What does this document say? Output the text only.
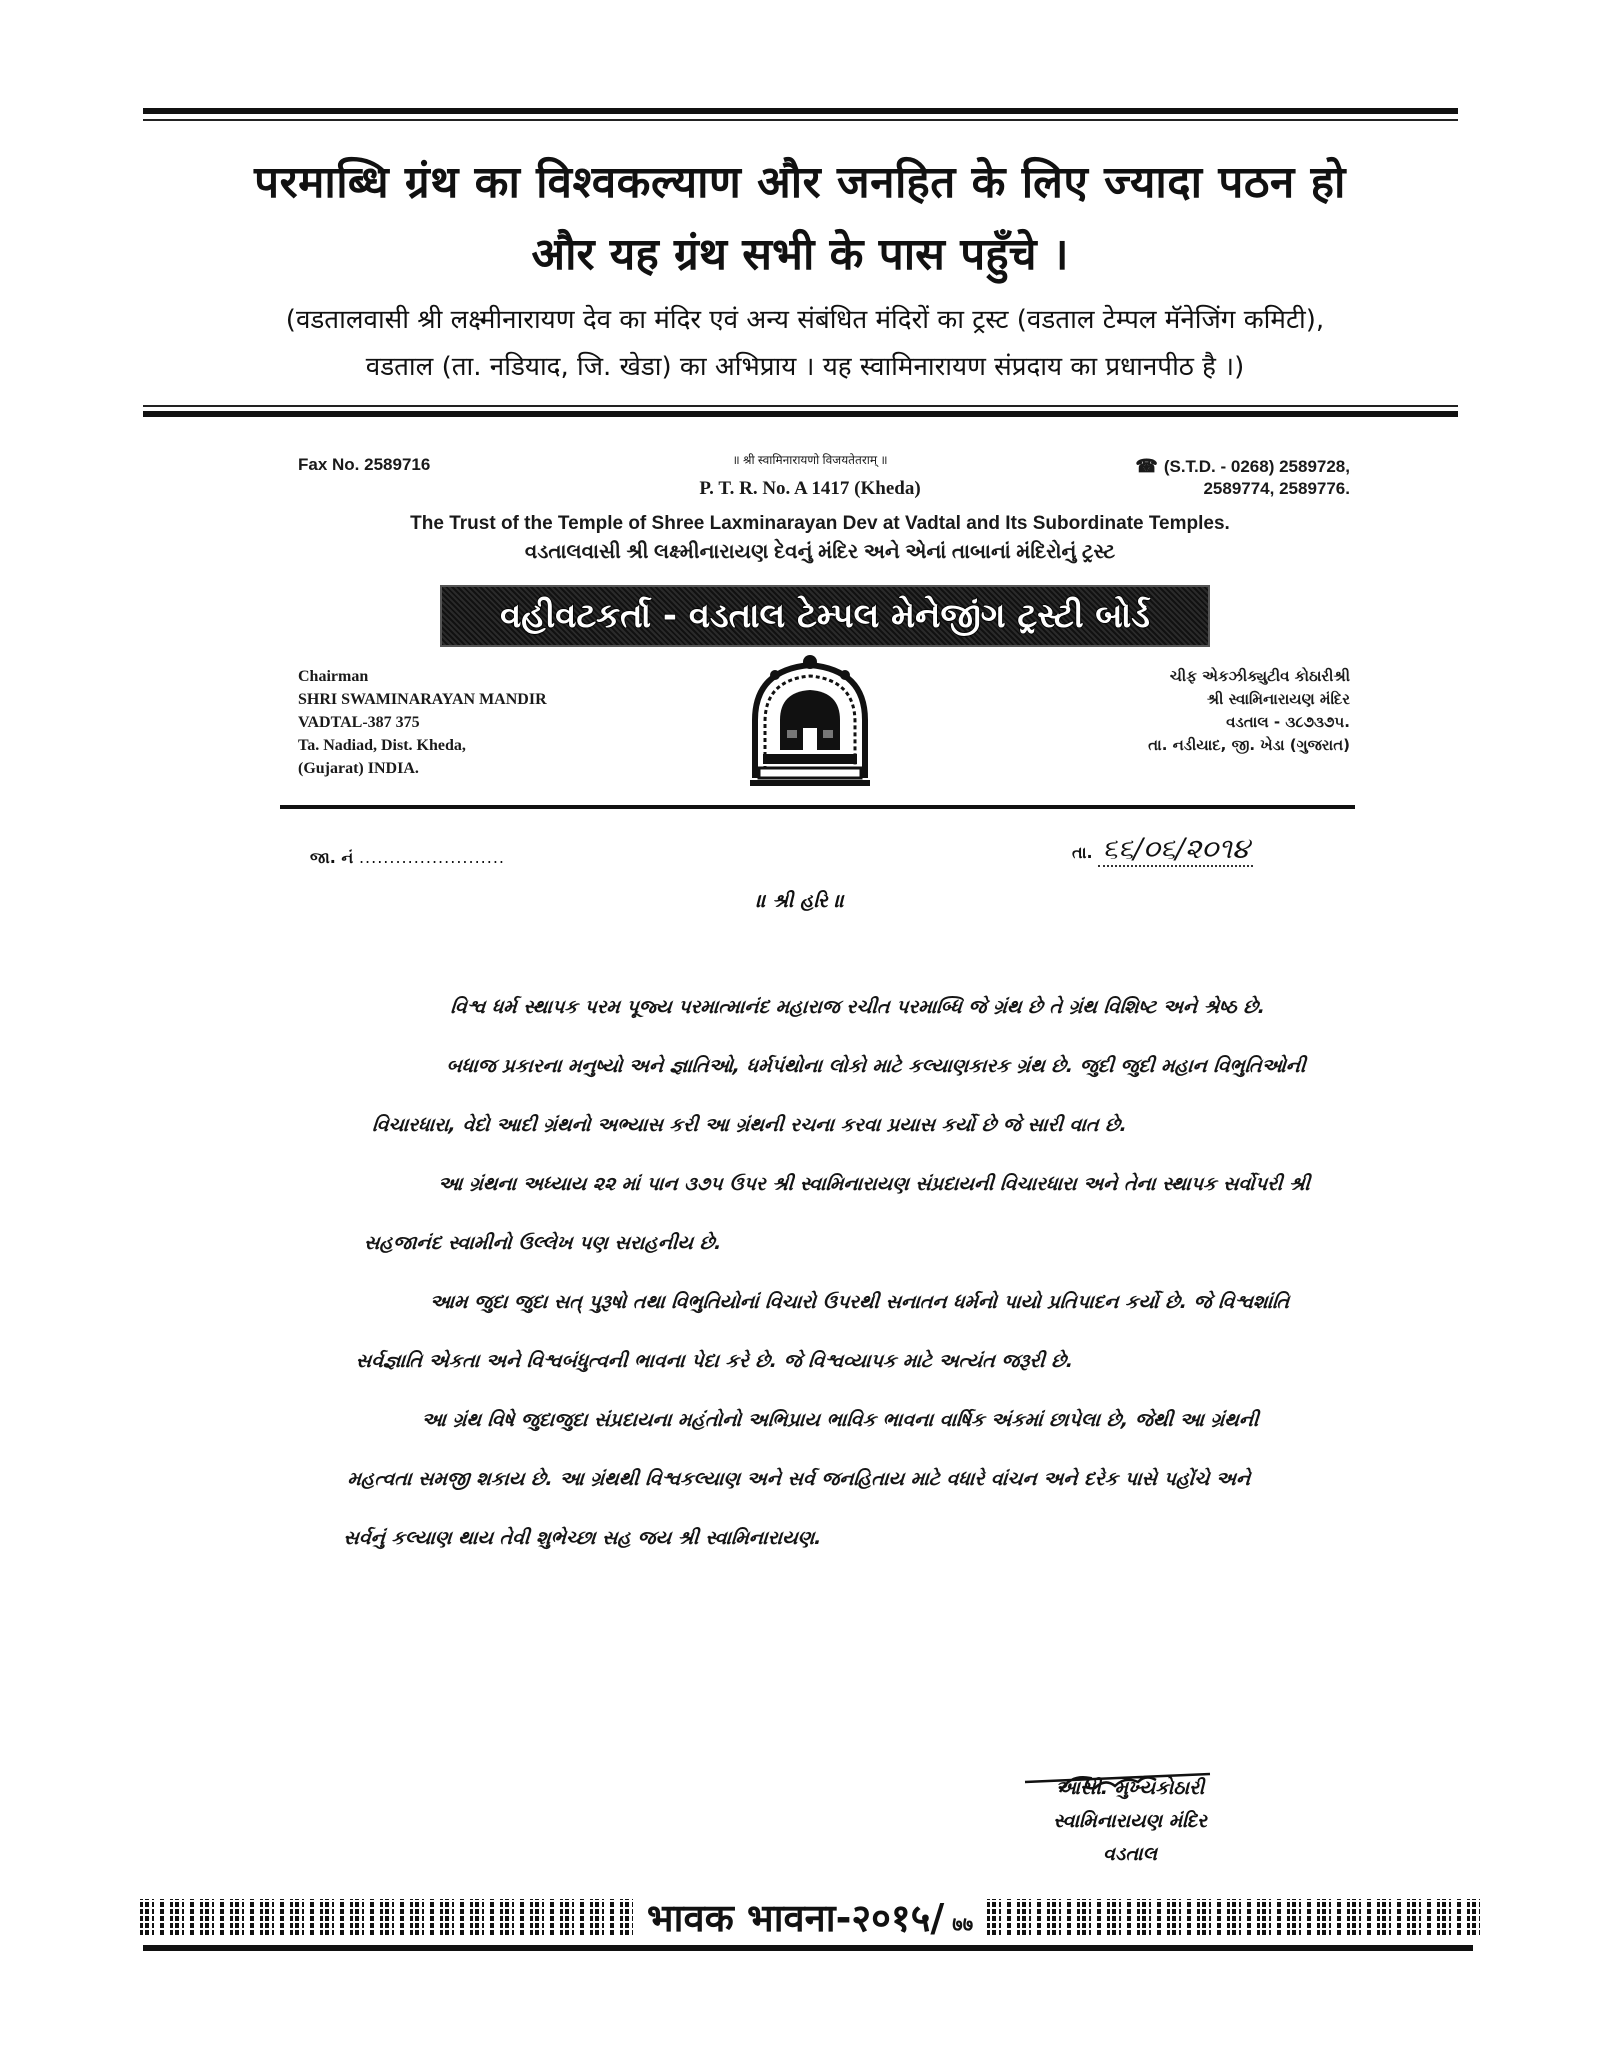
परमाब्धि ग्रंथ का विश्वकल्याण और जनहित के लिए ज्यादा पठन हो
और यह ग्रंथ सभी के पास पहुँचे ।
(वडतालवासी श्री लक्ष्मीनारायण देव का मंदिर एवं अन्य संबंधित मंदिरों का ट्रस्ट (वडताल टेम्पल मॅनेजिंग कमिटी),
वडताल (ता. नडियाद, जि. खेडा) का अभिप्राय । यह स्वामिनारायण संप्रदाय का प्रधानपीठ है ।)
Fax No. 2589716	॥ श्री स्वामिनारायणो विजयतेतराम् ॥
P. T. R. No. A 1417 (Kheda)
☎ (S.T.D. - 0268) 2589728,
2589774, 2589776.
The Trust of the Temple of Shree Laxminarayan Dev at Vadtal and Its Subordinate Temples.
વડતાલવાસી શ્રી લક્ષ્મીનારાયણ દેવનું મંદિર અને એનાં તાબાનાં મંદિરોનું ટ્રસ્ટ
વહીવટકર્તા - વડતાલ ટેમ્પલ મેનેજીંગ ટ્રસ્ટી બોર્ડ
Chairman
SHRI SWAMINARAYAN MANDIR
VADTAL-387 375
Ta. Nadiad, Dist. Kheda,
(Gujarat) INDIA.
ચીફ એકઝીક્યુટીવ કોઠારીશ્રી
શ્રી સ્વામિનારાયણ મંદિર
વડતાલ - ૩૮૭૩૭૫.
તા. નડીયાદ, જી. ખેડા (ગુજરાત)
જા. નં ........................	તા. ૬૬/૦૬/૨૦૧૪
॥ શ્રી હરિ ॥

વિશ્વ ધર્મ સ્થાપક પરમ પૂજ્ય પરમાત્માનંદ મહારાજ રચીત પરમાબ્ધિ જે ગ્રંથ છે તે ગ્રંથ વિશિષ્ટ અને શ્રેષ્ઠ છે.

બધાજ પ્રકારના મનુષ્યો અને જ્ઞાતિઓ, ધર્મપંથોના લોકો માટે કલ્યાણકારક ગ્રંથ છે. જુદી જુદી મહાન વિભુતિઓની વિચારધારા, વેદો આદી ગ્રંથનો અભ્યાસ કરી આ ગ્રંથની રચના કરવા પ્રયાસ કર્યો છે જે સારી વાત છે.

આ ગ્રંથના અધ્યાય ૨૨ માં પાન ૩૭૫ ઉપર શ્રી સ્વામિનારાયણ સંપ્રદાયની વિચારધારા અને તેના સ્થાપક સર્વોપરી શ્રી સહજાનંદ સ્વામીનો ઉલ્લેખ પણ સરાહનીય છે.

આમ જુદા જુદા સત્ પુરૂષો તથા વિભુતિયોનાં વિચારો ઉપરથી સનાતન ધર્મનો પાયો પ્રતિપાદન કર્યો છે. જે વિશ્વશાંતિ સર્વજ્ઞાતિ એકતા અને વિશ્વબંધુત્વની ભાવના પેદા કરે છે. જે વિશ્વવ્યાપક માટે અત્યંત જરૂરી છે.

આ ગ્રંથ વિષે જુદાજુદા સંપ્રદાયના મહંતોનો અભિપ્રાય ભાવિક ભાવના વાર્ષિક અંકમાં છાપેલા છે, જેથી આ ગ્રંથની મહત્વતા સમજી શકાય છે. આ ગ્રંથથી વિશ્વકલ્યાણ અને સર્વ જનહિતાય માટે વધારે વાંચન અને દરેક પાસે પહોંચે અને સર્વનું કલ્યાણ થાય તેવી શુભેચ્છા સહ જય શ્રી સ્વામિનારાયણ.

આસી. મુખ્યકોઠારી
સ્વામિનારાયણ મંદિર
વડતાલ
भावक भावना-२०१५/ ७७
